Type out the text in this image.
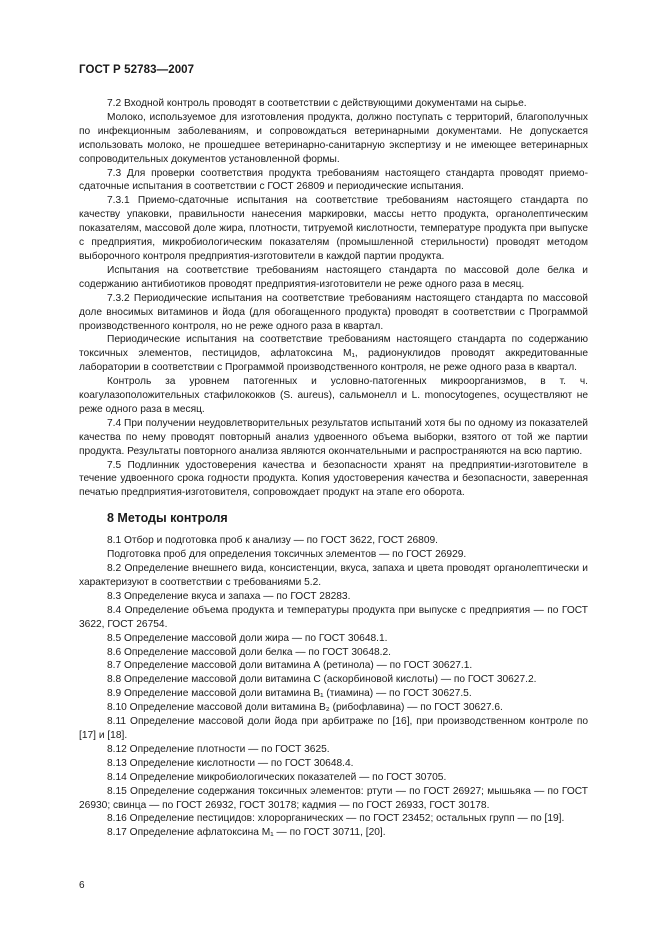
ГОСТ Р 52783—2007

7.2 Входной контроль проводят в соответствии с действующими документами на сырье.

Молоко, используемое для изготовления продукта, должно поступать с территорий, благополучных по инфекционным заболеваниям, и сопровождаться ветеринарными документами. Не допускается использовать молоко, не прошедшее ветеринарно-санитарную экспертизу и не имеющее ветеринарных сопроводительных документов установленной формы.

7.3 Для проверки соответствия продукта требованиям настоящего стандарта проводят приемо-сдаточные испытания в соответствии с ГОСТ 26809 и периодические испытания.

7.3.1 Приемо-сдаточные испытания на соответствие требованиям настоящего стандарта по качеству упаковки, правильности нанесения маркировки, массы нетто продукта, органолептическим показателям, массовой доле жира, плотности, титруемой кислотности, температуре продукта при выпуске с предприятия, микробиологическим показателям (промышленной стерильности) проводят методом выборочного контроля предприятия-изготовители в каждой партии продукта.

Испытания на соответствие требованиям настоящего стандарта по массовой доле белка и содержанию антибиотиков проводят предприятия-изготовители не реже одного раза в месяц.

7.3.2 Периодические испытания на соответствие требованиям настоящего стандарта по массовой доле вносимых витаминов и йода (для обогащенного продукта) проводят в соответствии с Программой производственного контроля, но не реже одного раза в квартал.

Периодические испытания на соответствие требованиям настоящего стандарта по содержанию токсичных элементов, пестицидов, афлатоксина M₁, радионуклидов проводят аккредитованные лаборатории в соответствии с Программой производственного контроля, не реже одного раза в квартал.

Контроль за уровнем патогенных и условно-патогенных микроорганизмов, в т. ч. коагулазоположительных стафилококков (S. aureus), сальмонелл и L. monocytogenes, осуществляют не реже одного раза в месяц.

7.4 При получении неудовлетворительных результатов испытаний хотя бы по одному из показателей качества по нему проводят повторный анализ удвоенного объема выборки, взятого от той же партии продукта. Результаты повторного анализа являются окончательными и распространяются на всю партию.

7.5 Подлинник удостоверения качества и безопасности хранят на предприятии-изготовителе в течение удвоенного срока годности продукта. Копия удостоверения качества и безопасности, заверенная печатью предприятия-изготовителя, сопровождает продукт на этапе его оборота.

8 Методы контроля

8.1 Отбор и подготовка проб к анализу — по ГОСТ 3622, ГОСТ 26809.

Подготовка проб для определения токсичных элементов — по ГОСТ 26929.

8.2 Определение внешнего вида, консистенции, вкуса, запаха и цвета проводят органолептически и характеризуют в соответствии с требованиями 5.2.

8.3 Определение вкуса и запаха — по ГОСТ 28283.

8.4 Определение объема продукта и температуры продукта при выпуске с предприятия — по ГОСТ 3622, ГОСТ 26754.

8.5 Определение массовой доли жира — по ГОСТ 30648.1.

8.6 Определение массовой доли белка — по ГОСТ 30648.2.

8.7 Определение массовой доли витамина А (ретинола) — по ГОСТ 30627.1.

8.8 Определение массовой доли витамина С (аскорбиновой кислоты) — по ГОСТ 30627.2.

8.9 Определение массовой доли витамина B₁ (тиамина) — по ГОСТ 30627.5.

8.10 Определение массовой доли витамина B₂ (рибофлавина) — по ГОСТ 30627.6.

8.11 Определение массовой доли йода при арбитраже по [16], при производственном контроле по [17] и [18].

8.12 Определение плотности — по ГОСТ 3625.

8.13 Определение кислотности — по ГОСТ 30648.4.

8.14 Определение микробиологических показателей — по ГОСТ 30705.

8.15 Определение содержания токсичных элементов: ртути — по ГОСТ 26927; мышьяка — по ГОСТ 26930; свинца — по ГОСТ 26932, ГОСТ 30178; кадмия — по ГОСТ 26933, ГОСТ 30178.

8.16 Определение пестицидов: хлорорганических — по ГОСТ 23452; остальных групп — по [19].

8.17 Определение афлатоксина M₁ — по ГОСТ 30711, [20].

6
